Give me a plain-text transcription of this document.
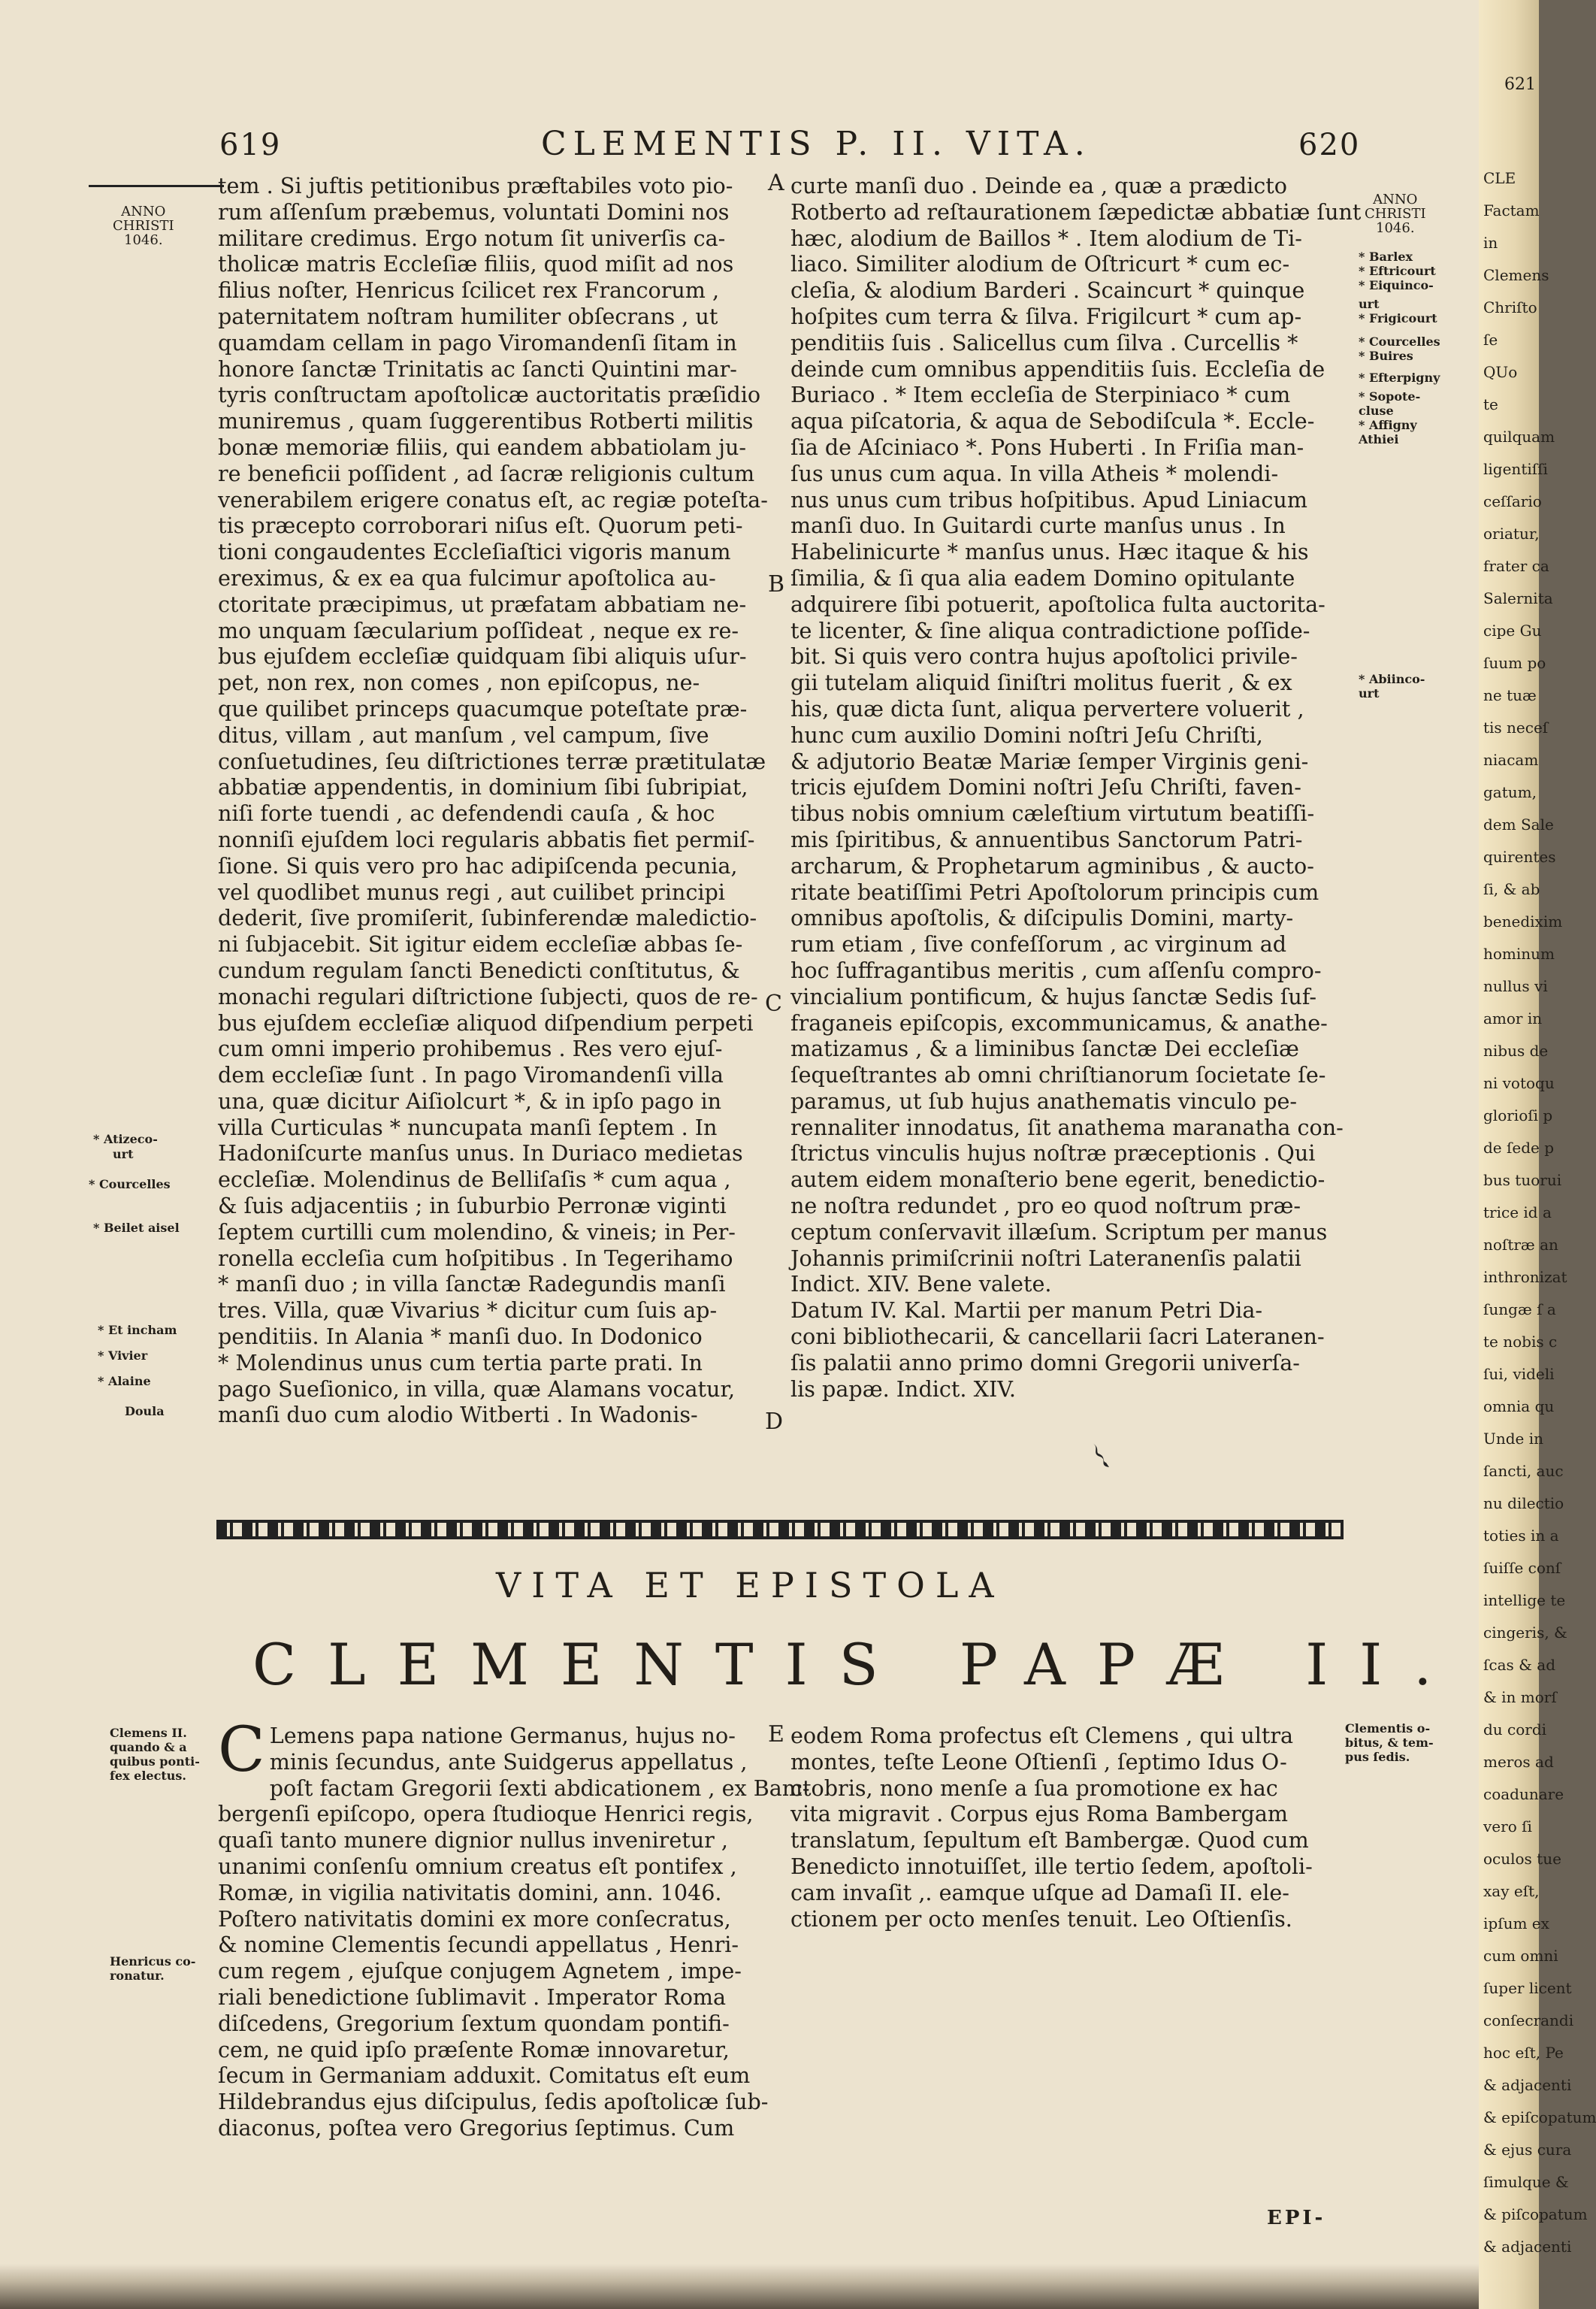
619	CLEMENTIS P. II. VITA.	620
ANNO
CHRISTI
1046.
tem . Si juftis petitionibus præftabiles voto pio-
rum aſſenſum præbemus, voluntati Domini nos
militare credimus. Ergo notum ſit univerſis ca-
tholicæ matris Eccleſiæ filiis, quod miſit ad nos
filius noſter, Henricus ſcilicet rex Francorum ,
paternitatem noſtram humiliter obſecrans , ut
quamdam cellam in pago Viromandenſi ſitam in
honore ſanctæ Trinitatis ac ſancti Quintini mar-
tyris conſtructam apoſtolicæ auctoritatis præſidio
muniremus , quam ſuggerentibus Rotberti militis
bonæ memoriæ filiis, qui eandem abbatiolam ju-
re beneficii poſſident , ad ſacræ religionis cultum
venerabilem erigere conatus eſt, ac regiæ poteſta-
tis præcepto corroborari niſus eſt. Quorum peti-
tioni congaudentes Eccleſiaſtici vigoris manum
ereximus, & ex ea qua fulcimur apoſtolica au-
ctoritate præcipimus, ut præfatam abbatiam ne-
mo unquam ſæcularium poſſideat , neque ex re-
bus ejuſdem eccleſiæ quidquam ſibi aliquis uſur-
pet, non rex, non comes , non epiſcopus, ne-
que quilibet princeps quacumque poteſtate præ-
ditus, villam , aut manſum , vel campum, ſive
conſuetudines, ſeu diſtrictiones terræ prætitulatæ
abbatiæ appendentis, in dominium ſibi ſubripiat,
niſi forte tuendi , ac defendendi cauſa , & hoc
nonniſi ejuſdem loci regularis abbatis fiet permiſ-
ſione. Si quis vero pro hac adipiſcenda pecunia,
vel quodlibet munus regi , aut cuilibet principi
dederit, ſive promiſerit, ſubinferendæ maledictio-
ni ſubjacebit. Sit igitur eidem eccleſiæ abbas ſe-
cundum regulam ſancti Benedicti conſtitutus, &
monachi regulari diſtrictione ſubjecti, quos de re-
bus ejuſdem eccleſiæ aliquod diſpendium perpeti
cum omni imperio prohibemus . Res vero ejuſ-
dem eccleſiæ ſunt . In pago Viromandenſi villa
una, quæ dicitur Aiſiolcurt *, & in ipſo pago in
villa Curticulas * nuncupata manſi ſeptem . In
Hadoniſcurte manſus unus. In Duriaco medietas
eccleſiæ. Molendinus de Belliſaſis * cum aqua ,
& ſuis adjacentiis ; in ſuburbio Perronæ viginti
ſeptem curtilli cum molendino, & vineis; in Per-
ronella eccleſia cum hoſpitibus . In Tegerihamo
* manſi duo ; in villa ſanctæ Radegundis manſi
tres. Villa, quæ Vivarius * dicitur cum ſuis ap-
penditiis. In Alania * manſi duo. In Dodonico
* Molendinus unus cum tertia parte prati. In
pago Sueſionico, in villa, quæ Alamans vocatur,
manſi duo cum alodio Witberti . In Wadonis-
A
B
C
D
curte manſi duo . Deinde ea , quæ a prædicto
Rotberto ad reſtaurationem ſæpedictæ abbatiæ ſunt
hæc, alodium de Baillos * . Item alodium de Ti-
liaco. Similiter alodium de Oſtricurt * cum ec-
cleſia, & alodium Barderi . Scaincurt * quinque
hoſpites cum terra & ſilva. Frigilcurt * cum ap-
penditiis ſuis . Salicellus cum ſilva . Curcellis *
deinde cum omnibus appenditiis ſuis. Eccleſia de
Buriaco . * Item eccleſia de Sterpiniaco * cum
aqua piſcatoria, & aqua de Sebodiſcula *. Eccle-
ſia de Aſciniaco *. Pons Huberti . In Friſia man-
ſus unus cum aqua. In villa Atheis * molendi-
nus unus cum tribus hoſpitibus. Apud Liniacum
manſi duo. In Guitardi curte manſus unus . In
Habelinicurte * manſus unus. Hæc itaque & his
ſimilia, & ſi qua alia eadem Domino opitulante
adquirere ſibi potuerit, apoſtolica fulta auctorita-
te licenter, & ſine aliqua contradictione poſſide-
bit. Si quis vero contra hujus apoſtolici privile-
gii tutelam aliquid ſiniſtri molitus fuerit , & ex
his, quæ dicta ſunt, aliqua pervertere voluerit ,
hunc cum auxilio Domini noſtri Jeſu Chriſti,
& adjutorio Beatæ Mariæ ſemper Virginis geni-
tricis ejuſdem Domini noſtri Jeſu Chriſti, faven-
tibus nobis omnium cæleſtium virtutum beatiſſi-
mis ſpiritibus, & annuentibus Sanctorum Patri-
archarum, & Prophetarum agminibus , & aucto-
ritate beatiſſimi Petri Apoſtolorum principis cum
omnibus apoſtolis, & diſcipulis Domini, marty-
rum etiam , ſive confeſſorum , ac virginum ad
hoc ſuffragantibus meritis , cum aſſenſu compro-
vincialium pontificum, & hujus ſanctæ Sedis ſuf-
fraganeis epiſcopis, excommunicamus, & anathe-
matizamus , & a liminibus ſanctæ Dei eccleſiæ
ſequeſtrantes ab omni chriſtianorum ſocietate ſe-
paramus, ut ſub hujus anathematis vinculo pe-
rennaliter innodatus, ſit anathema maranatha con-
ſtrictus vinculis hujus noſtræ præceptionis . Qui
autem eidem monaſterio bene egerit, benedictio-
ne noſtra redundet , pro eo quod noſtrum præ-
ceptum conſervavit illæſum. Scriptum per manus
Johannis primiſcrinii noſtri Lateranenſis palatii
Indict. XIV. Bene valete.
Datum IV. Kal. Martii per manum Petri Dia-
coni bibliothecarii, & cancellarii ſacri Lateranen-
ſis palatii anno primo domni Gregorii univerſa-
lis papæ. Indict. XIV.
ANNO
CHRISTI
1046.
* Atizeco-
urt
* Courcelles
* Beilet aisel
* Et incham
* Vivier
* Alaine
Doula
* Barlex
* Eftricourt
* Eiquinco-
urt
* Frigicourt
* Courcelles
* Buires
* Efterpigny
* Sopote-
cluse
* Affigny
Athiei
* Abiinco-
urt
VITA ET EPISTOLA
CLEMENTIS PAPÆ II.
Clemens II.
quando & a
quibus ponti-
fex electus.
Henricus co-
ronatur.
Clementis o-
bitus, & tem-
pus ſedis.
E
C Lemens papa natione Germanus, hujus no-
minis ſecundus, ante Suidgerus appellatus ,
poſt factam Gregorii ſexti abdicationem , ex Bam-
bergenſi epiſcopo, opera ſtudioque Henrici regis,
quaſi tanto munere dignior nullus inveniretur ,
unanimi conſenſu omnium creatus eſt pontifex ,
Romæ, in vigilia nativitatis domini, ann. 1046.
Poſtero nativitatis domini ex more conſecratus,
& nomine Clementis ſecundi appellatus , Henri-
cum regem , ejuſque conjugem Agnetem , impe-
riali benedictione ſublimavit . Imperator Roma
diſcedens, Gregorium ſextum quondam pontifi-
cem, ne quid ipſo præſente Romæ innovaretur,
ſecum in Germaniam adduxit. Comitatus eſt eum
Hildebrandus ejus diſcipulus, ſedis apoſtolicæ ſub-
diaconus, poſtea vero Gregorius ſeptimus. Cum
eodem Roma profectus eſt Clemens , qui ultra
montes, teſte Leone Oſtienſi , ſeptimo Idus O-
ctobris, nono menſe a ſua promotione ex hac
vita migravit . Corpus ejus Roma Bambergam
translatum, ſepultum eſt Bambergæ. Quod cum
Benedicto innotuiſſet, ille tertio ſedem, apoſtoli-
cam invaſit ,. eamque uſque ad Damaſi II. ele-
ctionem per octo menſes tenuit. Leo Oſtienſis.
EPI-
621
CLE
Factam
in
Clemens
Chriſto
ſe
QUo
te
quilquam
ligentiſſi
ceſſario
oriatur,
frater ca
Salernita
cipe Gu
ſuum po
ne tuæ
tis neceſ
niacam
gatum,
dem Sale
quirentes
ſi, & ab
benedixim
hominum
nullus vi
amor in
nibus de
ni votoqu
glorioſi p
de ſede p
bus tuorui
trice id a
noſtræ an
inthronizat
ſungæ ſ a
te nobis c
ſui, videli
omnia qu
Unde in
ſancti, auc
nu dilectio
toties in a
ſuiſſe conſ
intellige te
cingeris, &
ſcas & ad
& in morſ
du cordi
meros ad
coadunare
vero ſi
oculos tue
xay eſt,
ipſum ex
cum omni
ſuper licent
conſecrandi
hoc eſt, Pe
& adjacenti
& epiſcopatum
& ejus cura
ſimulque &
& piſcopatum
& adjacenti
